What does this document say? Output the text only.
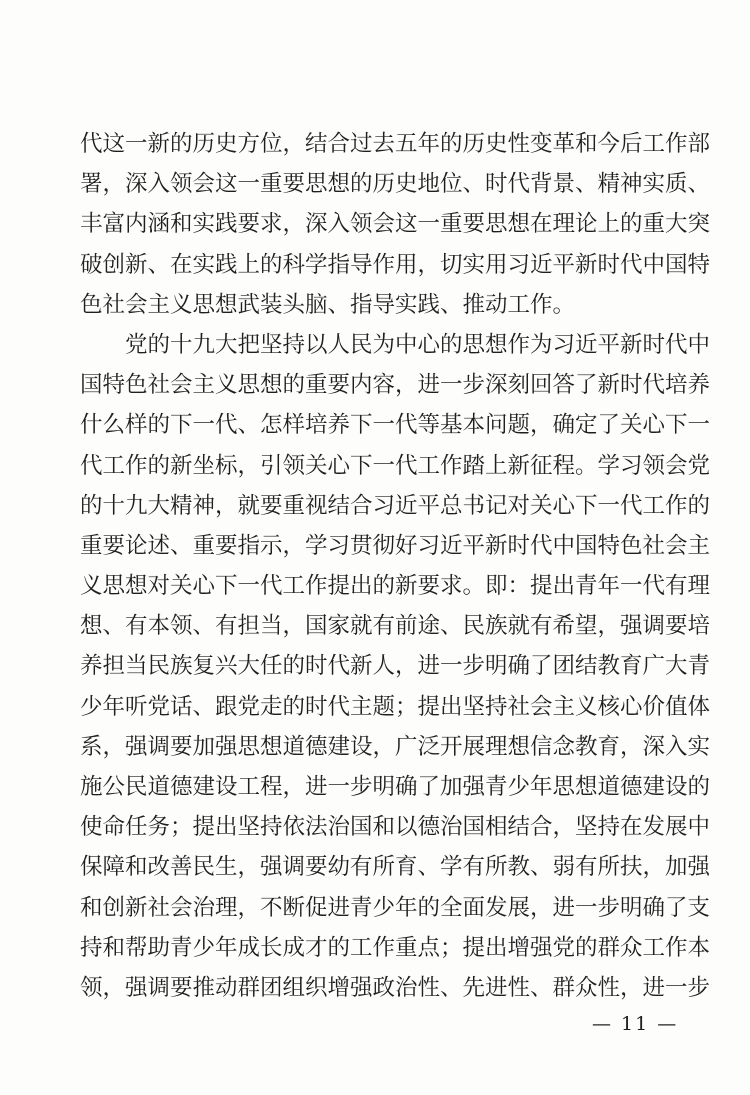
代这一新的历史方位，结合过去五年的历史性变革和今后工作部
署，深入领会这一重要思想的历史地位、时代背景、精神实质、
丰富内涵和实践要求，深入领会这一重要思想在理论上的重大突
破创新、在实践上的科学指导作用，切实用习近平新时代中国特
色社会主义思想武装头脑、指导实践、推动工作。
党的十九大把坚持以人民为中心的思想作为习近平新时代中
国特色社会主义思想的重要内容，进一步深刻回答了新时代培养
什么样的下一代、怎样培养下一代等基本问题，确定了关心下一
代工作的新坐标，引领关心下一代工作踏上新征程。学习领会党
的十九大精神，就要重视结合习近平总书记对关心下一代工作的
重要论述、重要指示，学习贯彻好习近平新时代中国特色社会主
义思想对关心下一代工作提出的新要求。即：提出青年一代有理
想、有本领、有担当，国家就有前途、民族就有希望，强调要培
养担当民族复兴大任的时代新人，进一步明确了团结教育广大青
少年听党话、跟党走的时代主题；提出坚持社会主义核心价值体
系，强调要加强思想道德建设，广泛开展理想信念教育，深入实
施公民道德建设工程，进一步明确了加强青少年思想道德建设的
使命任务；提出坚持依法治国和以德治国相结合，坚持在发展中
保障和改善民生，强调要幼有所育、学有所教、弱有所扶，加强
和创新社会治理，不断促进青少年的全面发展，进一步明确了支
持和帮助青少年成长成才的工作重点；提出增强党的群众工作本
领，强调要推动群团组织增强政治性、先进性、群众性，进一步
— 11 —
